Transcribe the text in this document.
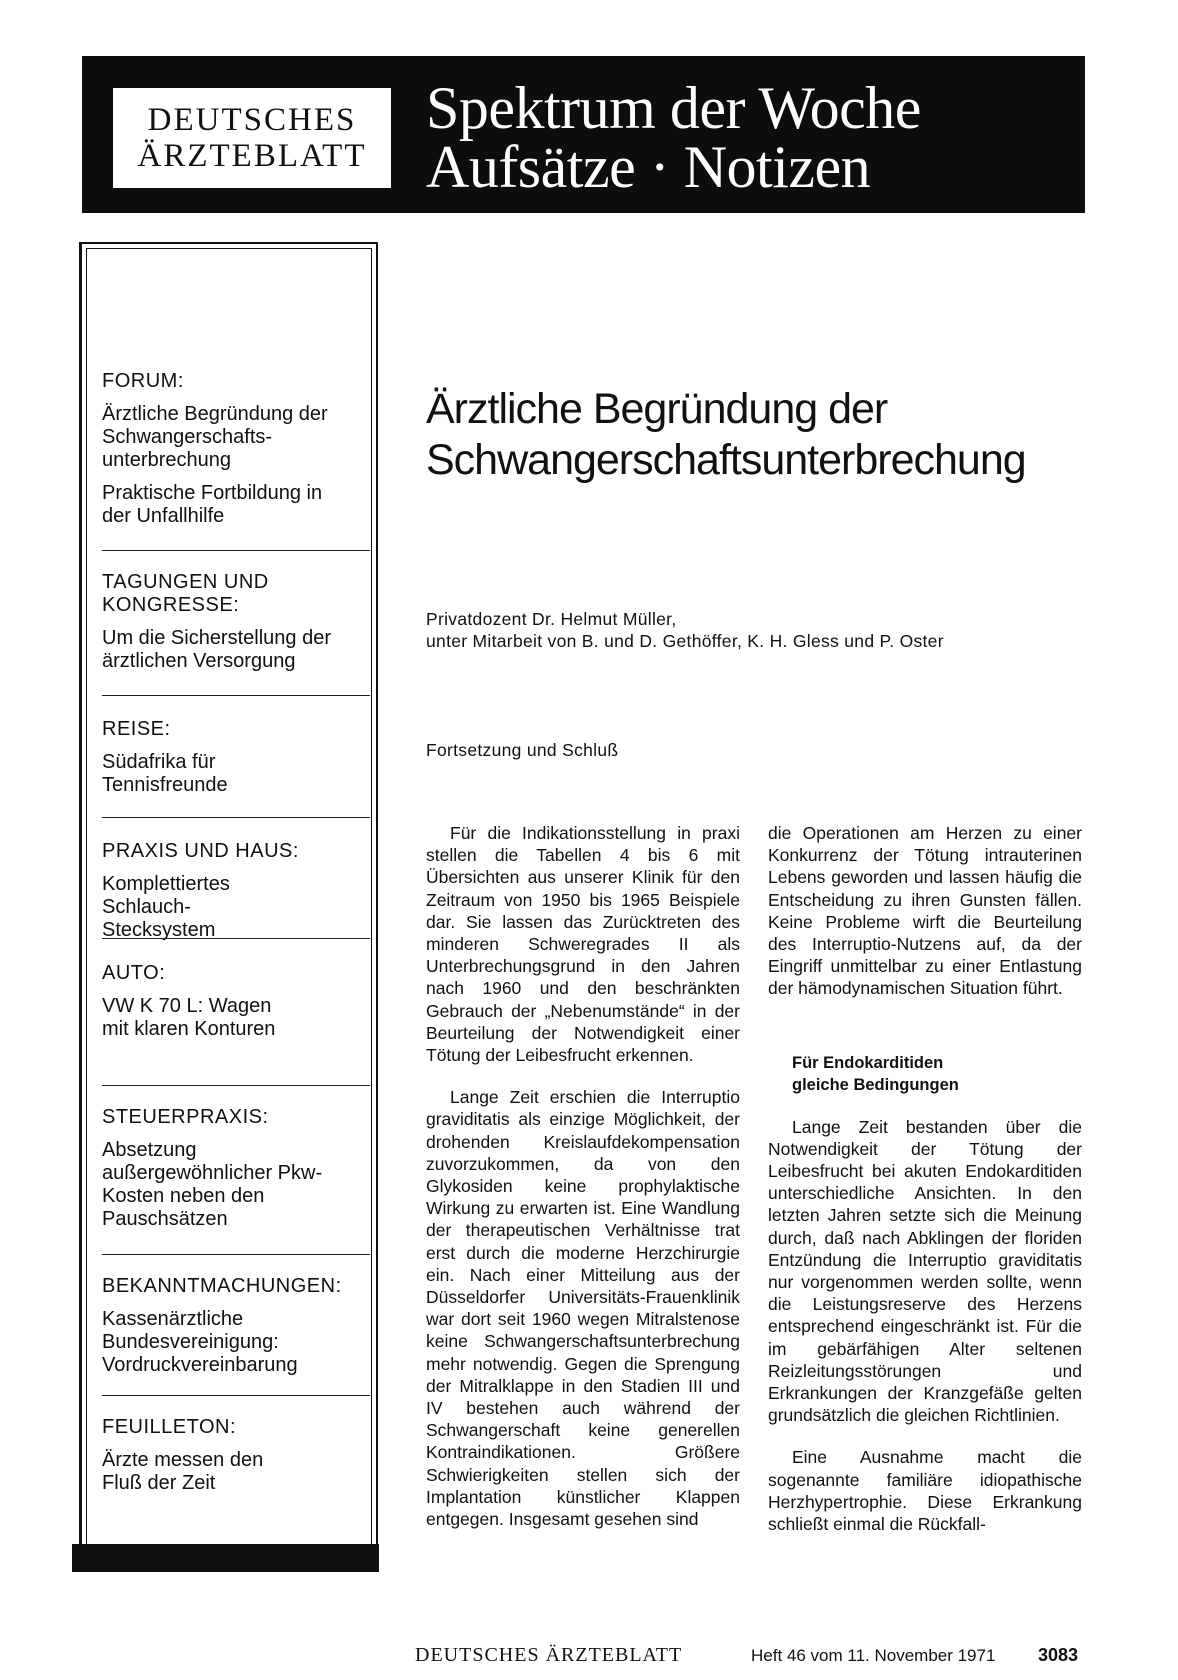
DEUTSCHES
ÄRZTEBLATT
Spektrum der Woche
Aufsätze · Notizen
FORUM:
Ärztliche Begründung der Schwangerschafts-unterbrechung
Praktische Fortbildung in der Unfallhilfe
TAGUNGEN UND KONGRESSE:
Um die Sicherstellung der ärztlichen Versorgung
REISE:
Südafrika für Tennisfreunde
PRAXIS UND HAUS:
Komplettiertes Schlauch-Stecksystem
AUTO:
VW K 70 L: Wagen mit klaren Konturen
STEUERPRAXIS:
Absetzung außergewöhnlicher Pkw-Kosten neben den Pauschsätzen
BEKANNTMACHUNGEN:
Kassenärztliche Bundesvereinigung: Vordruckvereinbarung
FEUILLETON:
Ärzte messen den Fluß der Zeit
Ärztliche Begründung der Schwangerschaftsunterbrechung
Privatdozent Dr. Helmut Müller,
unter Mitarbeit von B. und D. Gethöffer, K. H. Gless und P. Oster
Fortsetzung und Schluß

Für die Indikationsstellung in praxi stellen die Tabellen 4 bis 6 mit Übersichten aus unserer Klinik für den Zeitraum von 1950 bis 1965 Beispiele dar. Sie lassen das Zurücktreten des minderen Schweregrades II als Unterbrechungsgrund in den Jahren nach 1960 und den beschränkten Gebrauch der „Nebenumstände“ in der Beurteilung der Notwendigkeit einer Tötung der Leibesfrucht erkennen.

Lange Zeit erschien die Interruptio graviditatis als einzige Möglichkeit, der drohenden Kreislaufdekompensation zuvorzukommen, da von den Glykosiden keine prophylaktische Wirkung zu erwarten ist. Eine Wandlung der therapeutischen Verhältnisse trat erst durch die moderne Herzchirurgie ein. Nach einer Mitteilung aus der Düsseldorfer Universitäts-Frauenklinik war dort seit 1960 wegen Mitralstenose keine Schwangerschaftsunterbrechung mehr notwendig. Gegen die Sprengung der Mitralklappe in den Stadien III und IV bestehen auch während der Schwangerschaft keine generellen Kontraindikationen. Größere Schwierigkeiten stellen sich der Implantation künstlicher Klappen entgegen. Insgesamt gesehen sind

die Operationen am Herzen zu einer Konkurrenz der Tötung intrauterinen Lebens geworden und lassen häufig die Entscheidung zu ihren Gunsten fällen. Keine Probleme wirft die Beurteilung des Interruptio-Nutzens auf, da der Eingriff unmittelbar zu einer Entlastung der hämodynamischen Situation führt.

Für Endokarditiden
gleiche Bedingungen

Lange Zeit bestanden über die Notwendigkeit der Tötung der Leibesfrucht bei akuten Endokarditiden unterschiedliche Ansichten. In den letzten Jahren setzte sich die Meinung durch, daß nach Abklingen der floriden Entzündung die Interruptio graviditatis nur vorgenommen werden sollte, wenn die Leistungsreserve des Herzens entsprechend eingeschränkt ist. Für die im gebärfähigen Alter seltenen Reizleitungsstörungen und Erkrankungen der Kranzgefäße gelten grundsätzlich die gleichen Richtlinien.

Eine Ausnahme macht die sogenannte familiäre idiopathische Herzhypertrophie. Diese Erkrankung schließt einmal die Rückfall-

DEUTSCHES ÄRZTEBLATT	Heft 46 vom 11. November 1971 3083
